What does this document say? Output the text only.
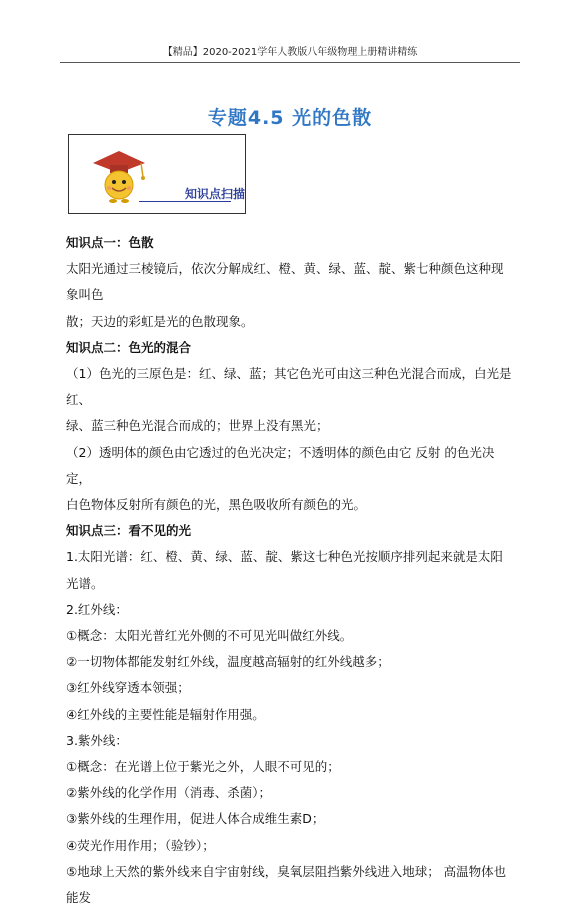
【精品】2020-2021学年人教版八年级物理上册精讲精练
专题4.5 光的色散
知识点扫描

知识点一：色散

太阳光通过三棱镜后，依次分解成红、橙、黄、绿、蓝、靛、紫七种颜色这种现象叫色

散；天边的彩虹是光的色散现象。

知识点二：色光的混合

（1）色光的三原色是：红、绿、蓝；其它色光可由这三种色光混合而成，白光是红、

绿、蓝三种色光混合而成的；世界上没有黑光；

（2）透明体的颜色由它透过的色光决定；不透明体的颜色由它 反射 的色光决定，

白色物体反射所有颜色的光，黑色吸收所有颜色的光。

知识点三：看不见的光

1.太阳光谱：红、橙、黄、绿、蓝、靛、紫这七种色光按顺序排列起来就是太阳光谱。

2.红外线：

①概念：太阳光普红光外侧的不可见光叫做红外线。

②一切物体都能发射红外线，温度越高辐射的红外线越多；

③红外线穿透本领强；

④红外线的主要性能是辐射作用强。

3.紫外线：

①概念：在光谱上位于紫光之外，人眼不可见的；

②紫外线的化学作用（消毒、杀菌）；

③紫外线的生理作用，促进人体合成维生素D；

④荧光作用作用；（验钞）；

⑤地球上天然的紫外线来自宇宙射线，臭氧层阻挡紫外线进入地球； 高温物体也能发
